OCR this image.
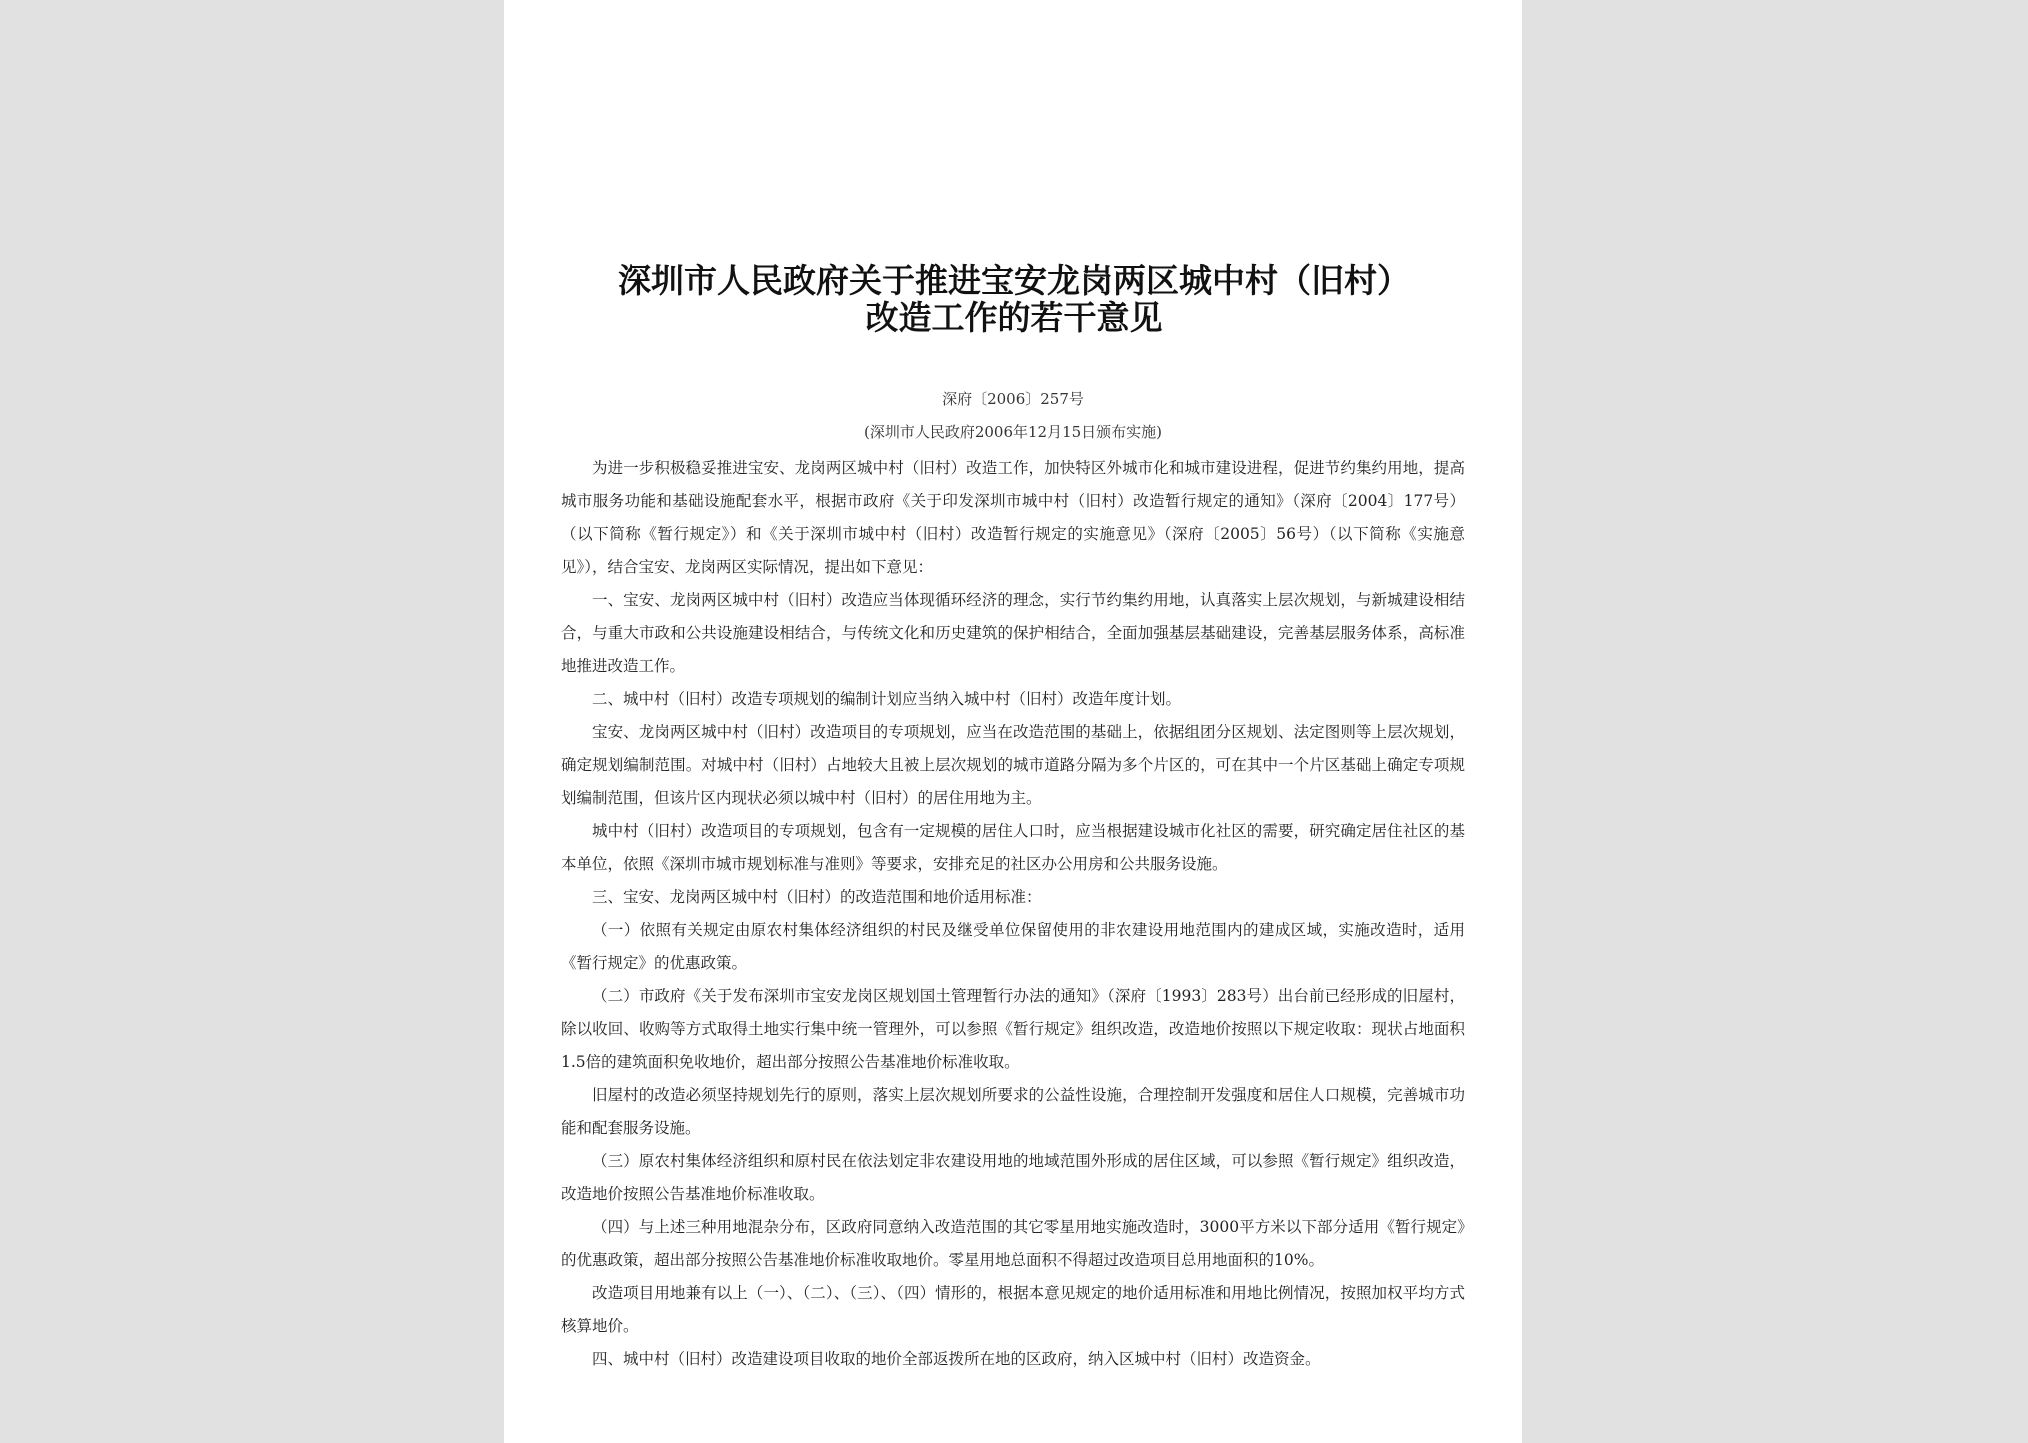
深圳市人民政府关于推进宝安龙岗两区城中村（旧村）改造工作的若干意见
深府〔2006〕257号
(深圳市人民政府2006年12月15日颁布实施)

为进一步积极稳妥推进宝安、龙岗两区城中村（旧村）改造工作，加快特区外城市化和城市建设进程，促进节约集约用地，提高城市服务功能和基础设施配套水平，根据市政府《关于印发深圳市城中村（旧村）改造暂行规定的通知》（深府〔2004〕177号）（以下简称《暂行规定》）和《关于深圳市城中村（旧村）改造暂行规定的实施意见》（深府〔2005〕56号）（以下简称《实施意见》），结合宝安、龙岗两区实际情况，提出如下意见：

一、宝安、龙岗两区城中村（旧村）改造应当体现循环经济的理念，实行节约集约用地，认真落实上层次规划，与新城建设相结合，与重大市政和公共设施建设相结合，与传统文化和历史建筑的保护相结合，全面加强基层基础建设，完善基层服务体系，高标准地推进改造工作。

二、城中村（旧村）改造专项规划的编制计划应当纳入城中村（旧村）改造年度计划。

宝安、龙岗两区城中村（旧村）改造项目的专项规划，应当在改造范围的基础上，依据组团分区规划、法定图则等上层次规划，确定规划编制范围。对城中村（旧村）占地较大且被上层次规划的城市道路分隔为多个片区的，可在其中一个片区基础上确定专项规划编制范围，但该片区内现状必须以城中村（旧村）的居住用地为主。

城中村（旧村）改造项目的专项规划，包含有一定规模的居住人口时，应当根据建设城市化社区的需要，研究确定居住社区的基本单位，依照《深圳市城市规划标准与准则》等要求，安排充足的社区办公用房和公共服务设施。

三、宝安、龙岗两区城中村（旧村）的改造范围和地价适用标准：

（一）依照有关规定由原农村集体经济组织的村民及继受单位保留使用的非农建设用地范围内的建成区域，实施改造时，适用《暂行规定》的优惠政策。

（二）市政府《关于发布深圳市宝安龙岗区规划国土管理暂行办法的通知》（深府〔1993〕283号）出台前已经形成的旧屋村，除以收回、收购等方式取得土地实行集中统一管理外，可以参照《暂行规定》组织改造，改造地价按照以下规定收取：现状占地面积1.5倍的建筑面积免收地价，超出部分按照公告基准地价标准收取。

旧屋村的改造必须坚持规划先行的原则，落实上层次规划所要求的公益性设施，合理控制开发强度和居住人口规模，完善城市功能和配套服务设施。

（三）原农村集体经济组织和原村民在依法划定非农建设用地的地域范围外形成的居住区域，可以参照《暂行规定》组织改造，改造地价按照公告基准地价标准收取。

（四）与上述三种用地混杂分布，区政府同意纳入改造范围的其它零星用地实施改造时，3000平方米以下部分适用《暂行规定》的优惠政策，超出部分按照公告基准地价标准收取地价。零星用地总面积不得超过改造项目总用地面积的10%。

改造项目用地兼有以上（一）、（二）、（三）、（四）情形的，根据本意见规定的地价适用标准和用地比例情况，按照加权平均方式核算地价。

四、城中村（旧村）改造建设项目收取的地价全部返拨所在地的区政府，纳入区城中村（旧村）改造资金。
